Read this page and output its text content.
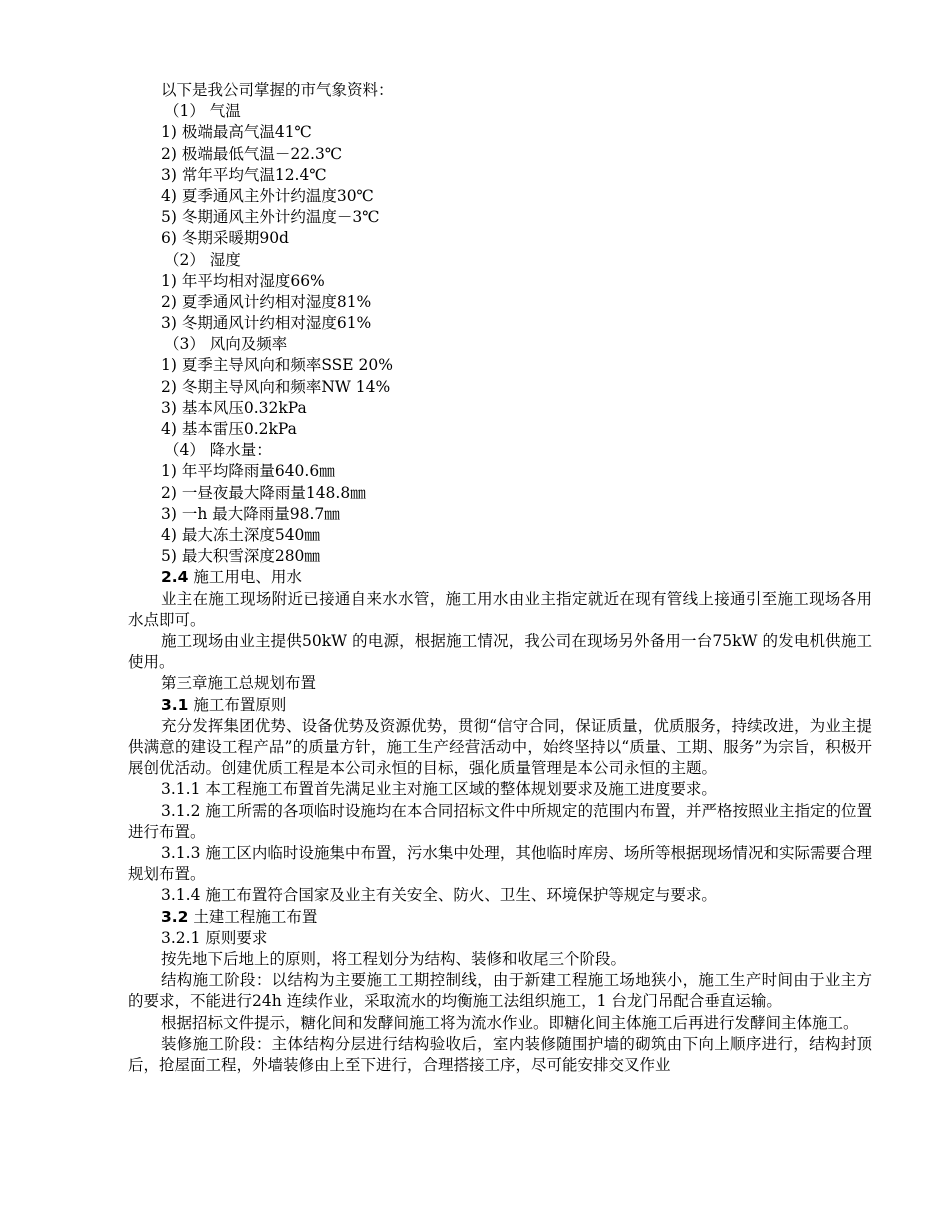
以下是我公司掌握的市气象资料：
（1） 气温
1) 极端最高气温41℃
2) 极端最低气温－22.3℃
3) 常年平均气温12.4℃
4) 夏季通风主外计约温度30℃
5) 冬期通风主外计约温度－3℃
6) 冬期采暖期90d
（2） 湿度
1) 年平均相对湿度66%
2) 夏季通风计约相对湿度81%
3) 冬期通风计约相对湿度61%
（3） 风向及频率
1) 夏季主导风向和频率SSE 20%
2) 冬期主导风向和频率NW 14%
3) 基本风压0.32kPa
4) 基本雷压0.2kPa
（4） 降水量：
1) 年平均降雨量640.6㎜
2) 一昼夜最大降雨量148.8㎜
3) 一h 最大降雨量98.7㎜
4) 最大冻土深度540㎜
5) 最大积雪深度280㎜
2.4 施工用电、用水
业主在施工现场附近已接通自来水水管，施工用水由业主指定就近在现有管线上接通引至施工现场各用水点即可。
施工现场由业主提供50kW 的电源，根据施工情况，我公司在现场另外备用一台75kW 的发电机供施工使用。
第三章施工总规划布置
3.1 施工布置原则
充分发挥集团优势、设备优势及资源优势，贯彻“信守合同，保证质量，优质服务，持续改进，为业主提供满意的建设工程产品”的质量方针，施工生产经营活动中，始终坚持以“质量、工期、服务”为宗旨，积极开展创优活动。创建优质工程是本公司永恒的目标，强化质量管理是本公司永恒的主题。
3.1.1 本工程施工布置首先满足业主对施工区域的整体规划要求及施工进度要求。
3.1.2 施工所需的各项临时设施均在本合同招标文件中所规定的范围内布置，并严格按照业主指定的位置进行布置。
3.1.3 施工区内临时设施集中布置，污水集中处理，其他临时库房、场所等根据现场情况和实际需要合理规划布置。
3.1.4 施工布置符合国家及业主有关安全、防火、卫生、环境保护等规定与要求。
3.2 土建工程施工布置
3.2.1 原则要求
按先地下后地上的原则，将工程划分为结构、装修和收尾三个阶段。
结构施工阶段：以结构为主要施工工期控制线，由于新建工程施工场地狭小，施工生产时间由于业主方的要求，不能进行24h 连续作业，采取流水的均衡施工法组织施工，1 台龙门吊配合垂直运输。
根据招标文件提示，糖化间和发酵间施工将为流水作业。即糖化间主体施工后再进行发酵间主体施工。
装修施工阶段：主体结构分层进行结构验收后，室内装修随围护墙的砌筑由下向上顺序进行，结构封顶后，抢屋面工程，外墙装修由上至下进行，合理搭接工序，尽可能安排交叉作业
